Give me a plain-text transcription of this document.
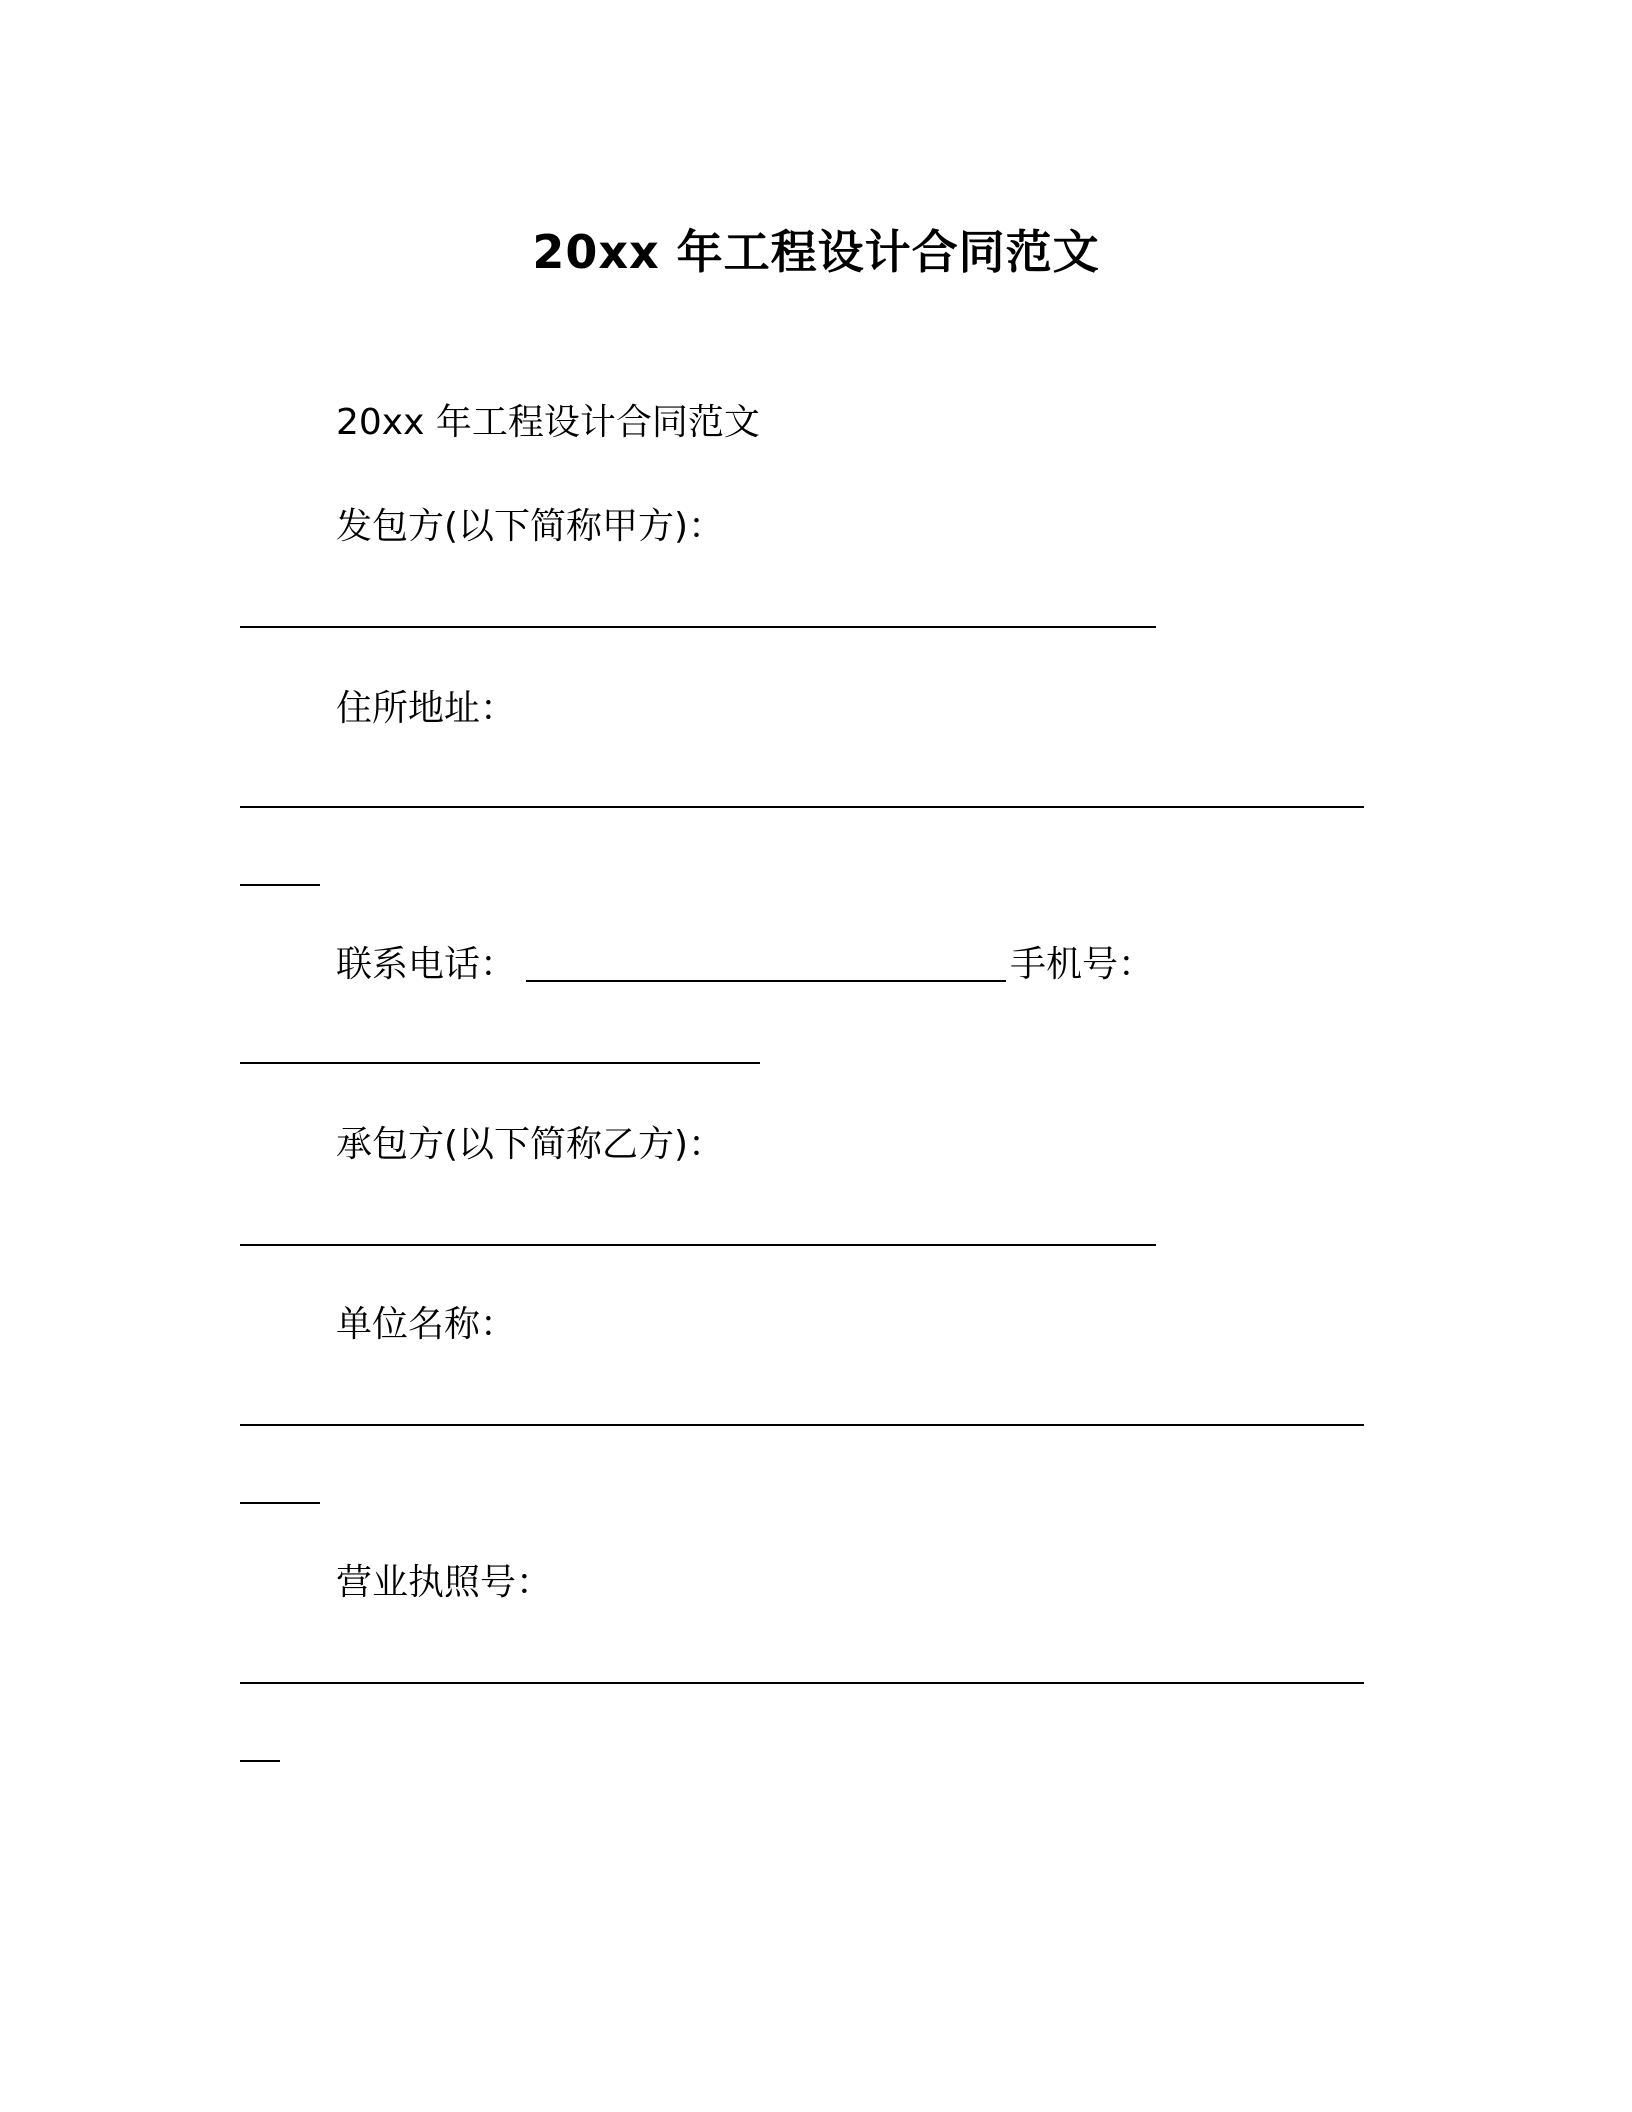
20xx 年工程设计合同范文
20xx 年工程设计合同范文
发包方(以下简称甲方)：
住所地址：
联系电话：	手机号：
承包方(以下简称乙方)：
单位名称：
营业执照号：
